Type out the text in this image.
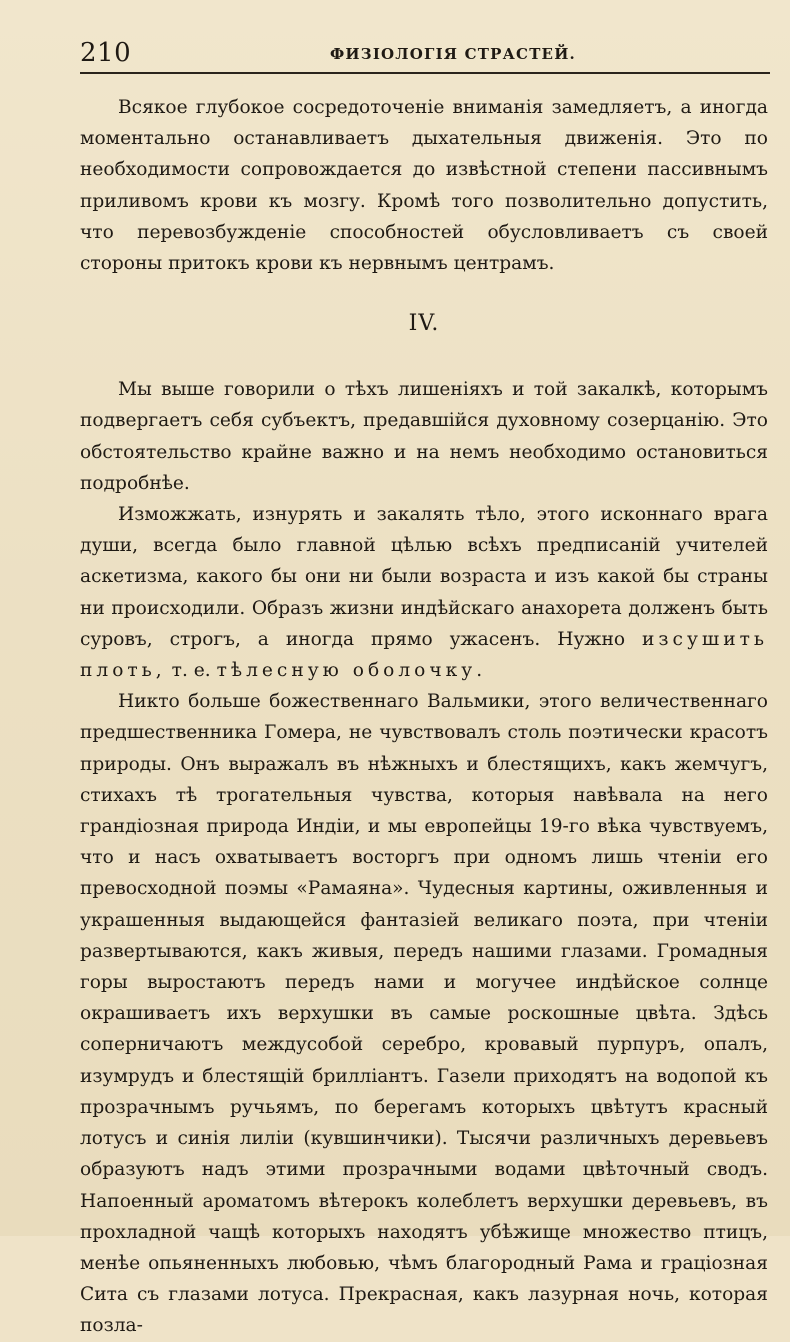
210	ФИЗІОЛОГІЯ СТРАСТЕЙ.

Всякое глубокое сосредоточеніе вниманія замедляетъ, а иногда моментально останавливаетъ дыхательныя движенія. Это по необходимости сопровождается до извѣстной степени пассивнымъ приливомъ крови къ мозгу. Кромѣ того позволительно допустить, что перевозбужденіе способностей обусловливаетъ съ своей стороны притокъ крови къ нервнымъ центрамъ.

IV.

Мы выше говорили о тѣхъ лишеніяхъ и той закалкѣ, которымъ подвергаетъ себя субъектъ, предавшійся духовному созерцанію. Это обстоятельство крайне важно и на немъ необходимо остановиться подробнѣе.

Изможжать, изнурять и закалять тѣло, этого исконнаго врага души, всегда было главной цѣлью всѣхъ предписаній учителей аскетизма, какого бы они ни были возраста и изъ какой бы страны ни происходили. Образъ жизни индѣйскаго анахорета долженъ быть суровъ, строгъ, а иногда прямо ужасенъ. Нужно изсушить плоть, т. е. тѣлесную оболочку.

Никто больше божественнаго Вальмики, этого величественнаго предшественника Гомера, не чувствовалъ столь поэтически красотъ природы. Онъ выражалъ въ нѣжныхъ и блестящихъ, какъ жемчугъ, стихахъ тѣ трогательныя чувства, которыя навѣвала на него грандіозная природа Индіи, и мы европейцы 19-го вѣка чувствуемъ, что и насъ охватываетъ восторгъ при одномъ лишь чтеніи его превосходной поэмы «Рамаяна». Чудесныя картины, оживленныя и украшенныя выдающейся фантазіей великаго поэта, при чтеніи развертываются, какъ живыя, передъ нашими глазами. Громадныя горы выростаютъ передъ нами и могучее индѣйское солнце окрашиваетъ ихъ верхушки въ самые роскошные цвѣта. Здѣсь соперничаютъ междусобой серебро, кровавый пурпуръ, опалъ, изумрудъ и блестящій бриллiантъ. Газели приходятъ на водопой къ прозрачнымъ ручьямъ, по берегамъ которыхъ цвѣтутъ красный лотусъ и синія лиліи (кувшинчики). Тысячи различныхъ деревьевъ образуютъ надъ этими прозрачными водами цвѣточный сводъ. Напоенный ароматомъ вѣтерокъ колеблетъ верхушки деревьевъ, въ прохладной чащѣ которыхъ находятъ убѣжище множество птицъ, менѣе опьяненныхъ любовью, чѣмъ благородный Рама и граціозная Сита съ глазами лотуса. Прекрасная, какъ лазурная ночь, которая позла-
